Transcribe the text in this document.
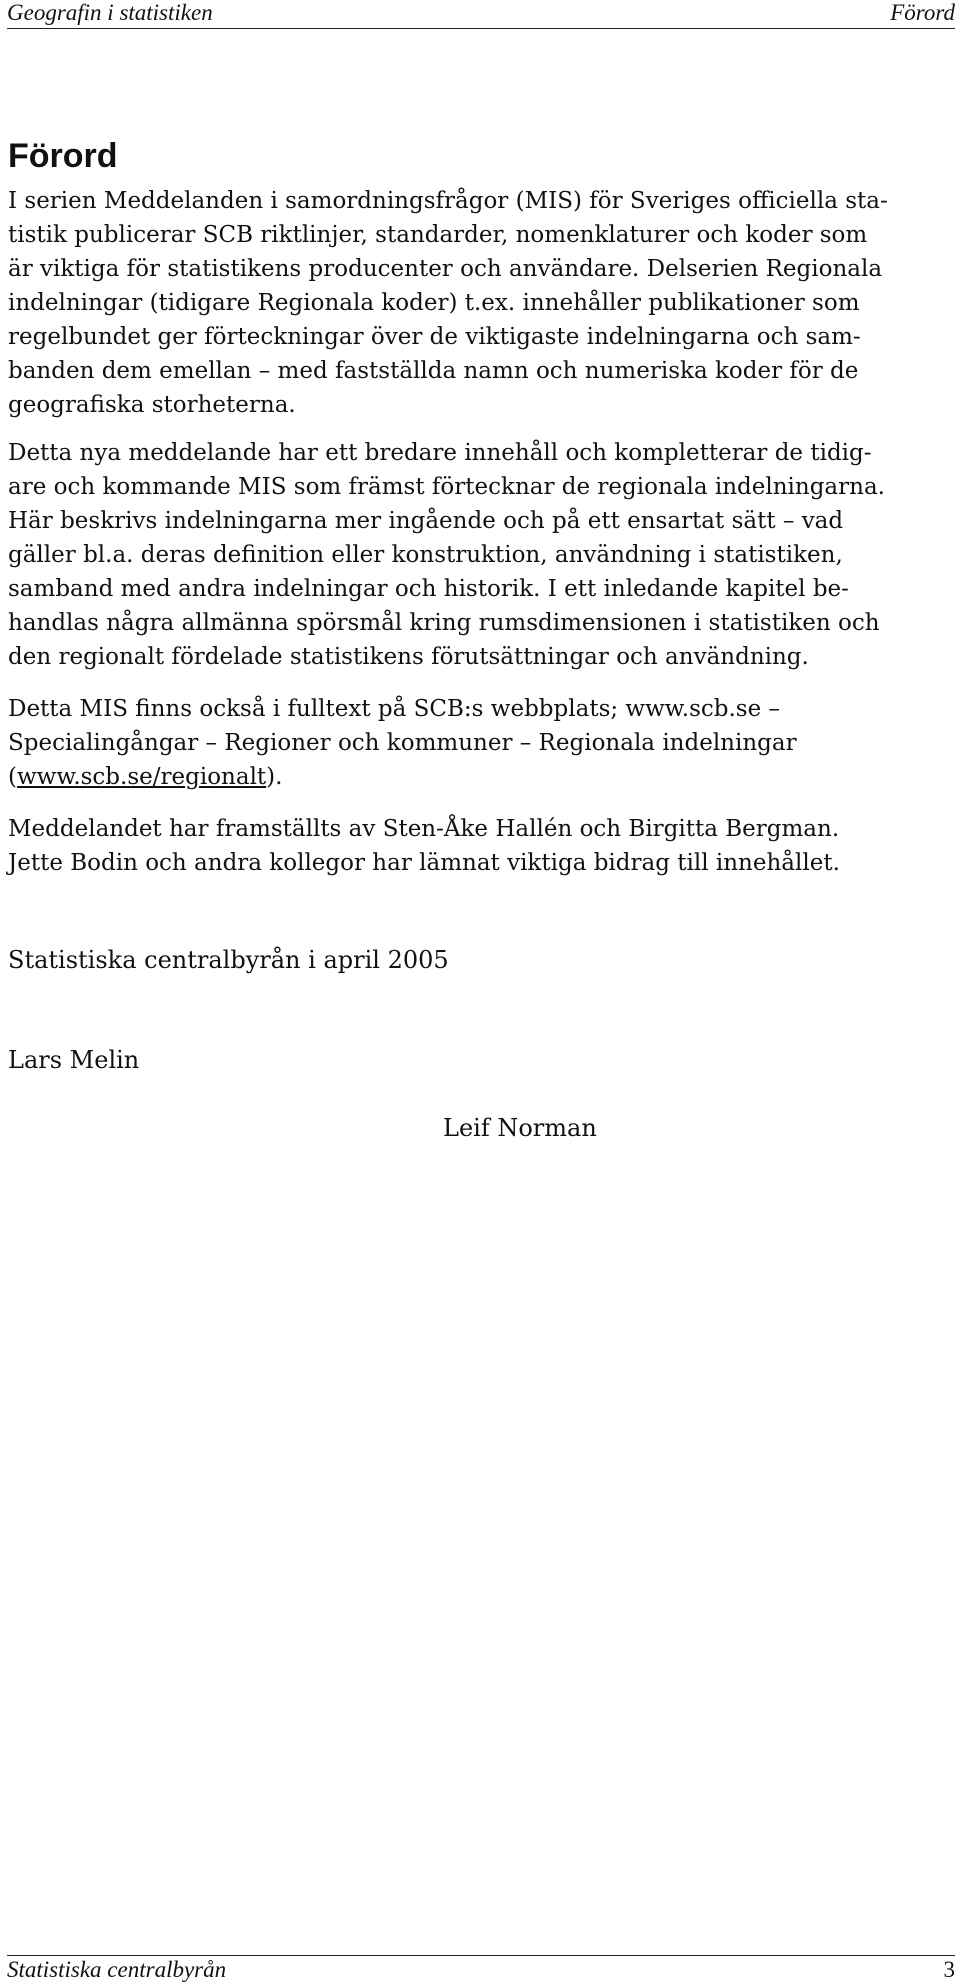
Geografin i statistiken	Förord
Förord

I serien Meddelanden i samordningsfrågor (MIS) för Sveriges officiella sta-
tistik publicerar SCB riktlinjer, standarder, nomenklaturer och koder som
är viktiga för statistikens producenter och användare. Delserien Regionala
indelningar (tidigare Regionala koder) t.ex. innehåller publikationer som
regelbundet ger förteckningar över de viktigaste indelningarna och sam-
banden dem emellan – med fastställda namn och numeriska koder för de
geografiska storheterna.

Detta nya meddelande har ett bredare innehåll och kompletterar de tidig-
are och kommande MIS som främst förtecknar de regionala indelningarna.
Här beskrivs indelningarna mer ingående och på ett ensartat sätt – vad
gäller bl.a. deras definition eller konstruktion, användning i statistiken,
samband med andra indelningar och historik. I ett inledande kapitel be-
handlas några allmänna spörsmål kring rumsdimensionen i statistiken och
den regionalt fördelade statistikens förutsättningar och användning.

Detta MIS finns också i fulltext på SCB:s webbplats; www.scb.se –
Specialingångar – Regioner och kommuner – Regionala indelningar
(www.scb.se/regionalt).

Meddelandet har framställts av Sten-Åke Hallén och Birgitta Bergman.
Jette Bodin och andra kollegor har lämnat viktiga bidrag till innehållet.

Statistiska centralbyrån i april 2005

Lars Melin

Leif Norman

Statistiska centralbyrån	3
